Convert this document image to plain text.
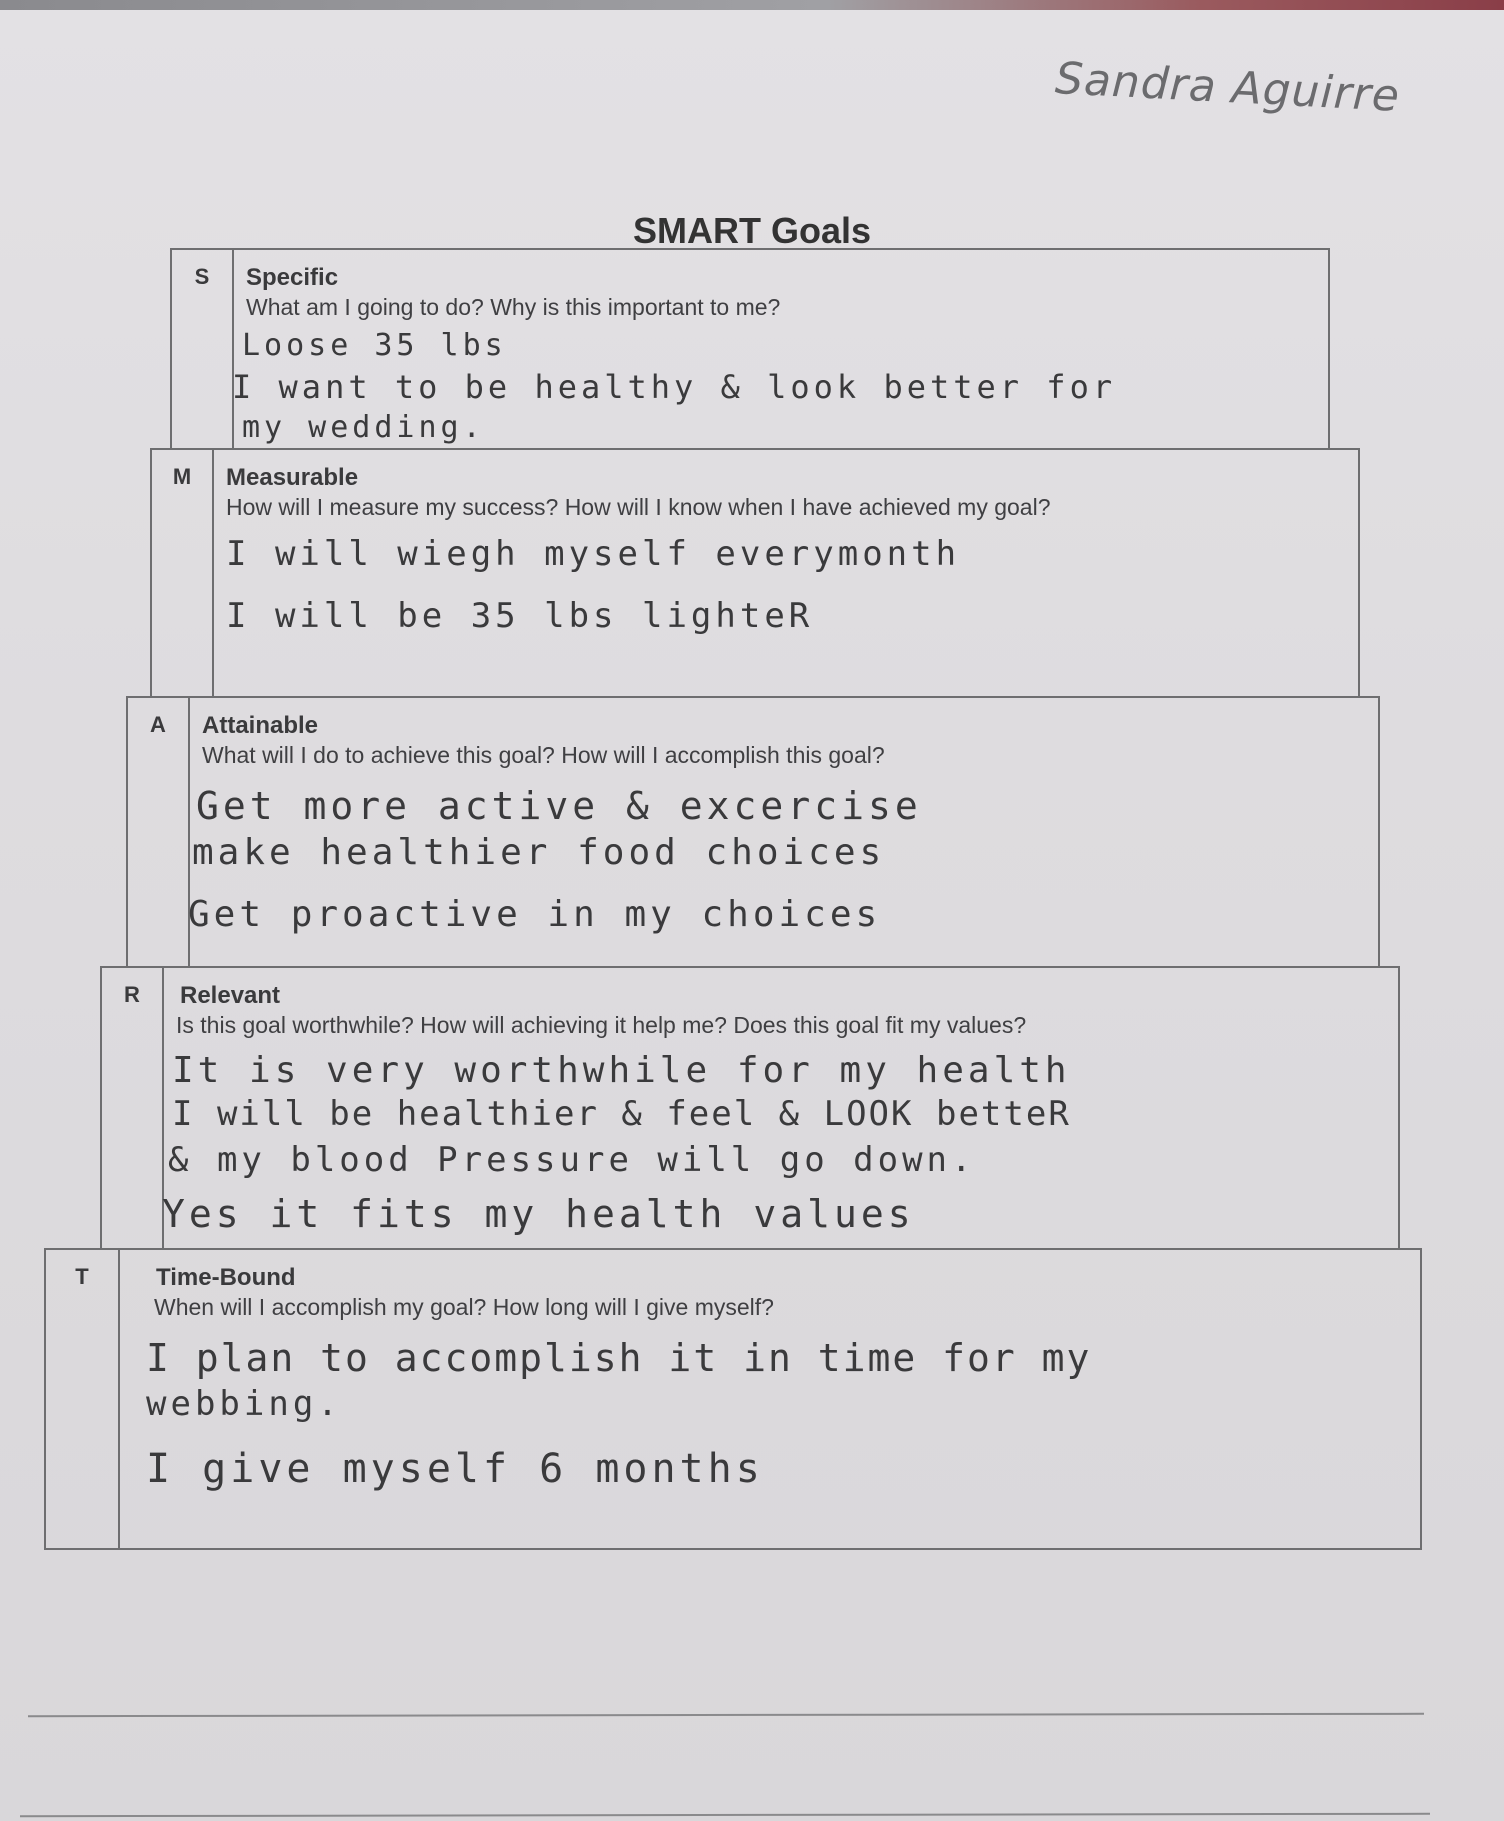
Sandra Aguirre
SMART Goals
S	Specific
What am I going to do? Why is this important to me?
Loose 35 lbs
I want to be healthy & look better for
my wedding.
M	Measurable
How will I measure my success? How will I know when I have achieved my goal?
I will wiegh myself everymonth
I will be 35 lbs lighteR
A	Attainable
What will I do to achieve this goal? How will I accomplish this goal?
Get more active & excercise
make healthier food choices
Get proactive in my choices
R	Relevant
Is this goal worthwhile? How will achieving it help me? Does this goal fit my values?
It is very worthwhile for my health
I will be healthier & feel & LOOK betteR
& my blood Pressure will go down.
Yes it fits my health values
T	Time-Bound
When will I accomplish my goal? How long will I give myself?
I plan to accomplish it in time for my
webbing.
I give myself 6 months
